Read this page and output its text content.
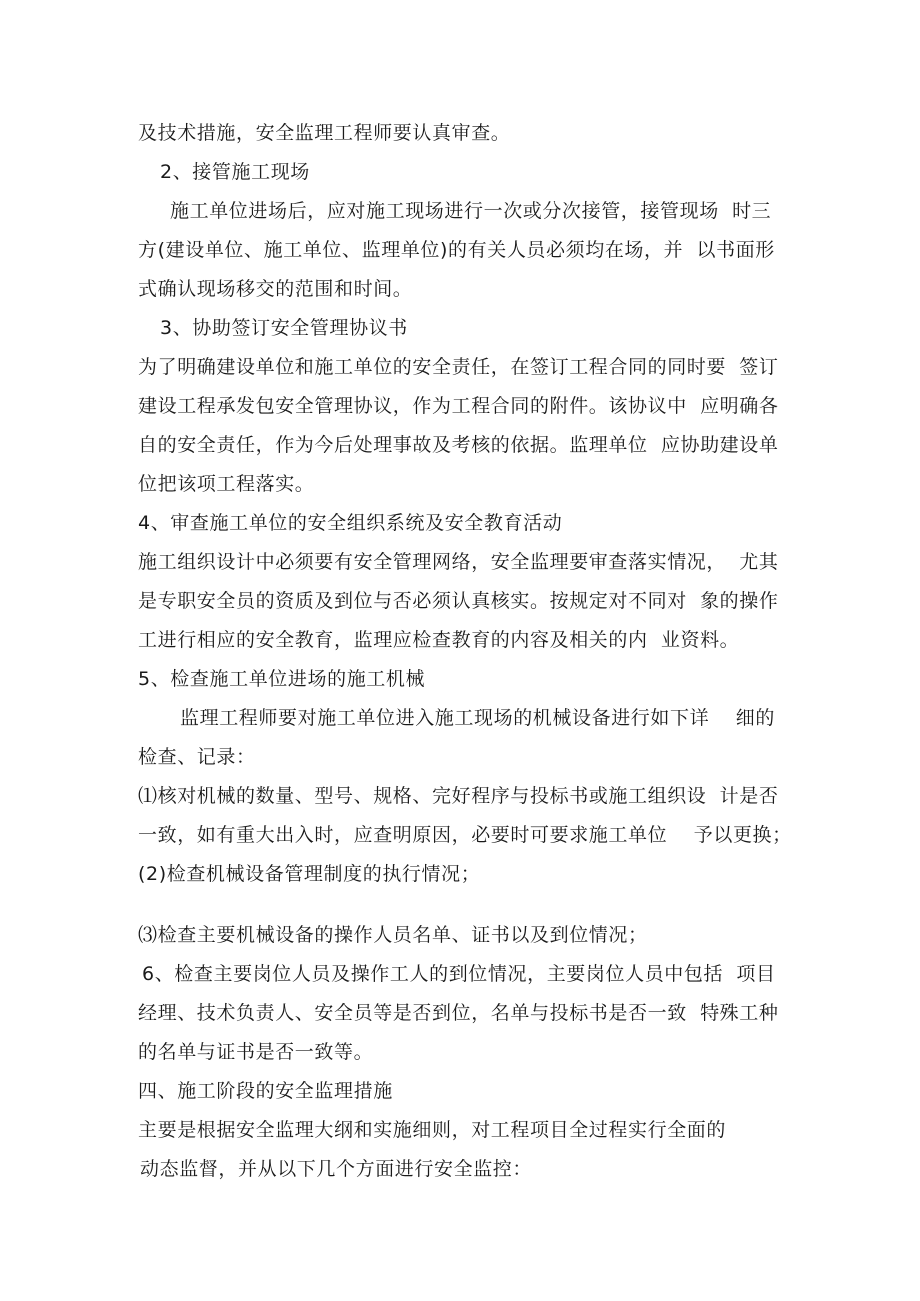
及技术措施，安全监理工程师要认真审查。
2、接管施工现场
施工单位进场后，应对施工现场进行一次或分次接管，接管现场  时三
方(建设单位、施工单位、监理单位)的有关人员必须均在场，并  以书面形
式确认现场移交的范围和时间。
3、协助签订安全管理协议书
为了明确建设单位和施工单位的安全责任，在签订工程合同的同时要  签订
建设工程承发包安全管理协议，作为工程合同的附件。该协议中  应明确各
自的安全责任，作为今后处理事故及考核的依据。监理单位  应协助建设单
位把该项工程落实。
4、审查施工单位的安全组织系统及安全教育活动
施工组织设计中必须要有安全管理网络，安全监理要审查落实情况，  尤其
是专职安全员的资质及到位与否必须认真核实。按规定对不同对  象的操作
工进行相应的安全教育，监理应检查教育的内容及相关的内  业资料。
5、检查施工单位进场的施工机械
监理工程师要对施工单位进入施工现场的机械设备进行如下详    细的
检查、记录：
⑴核对机械的数量、型号、规格、完好程序与投标书或施工组织设  计是否
一致，如有重大出入时，应查明原因，必要时可要求施工单位    予以更换；
(2)检查机械设备管理制度的执行情况；
⑶检查主要机械设备的操作人员名单、证书以及到位情况；
6、检查主要岗位人员及操作工人的到位情况，主要岗位人员中包括  项目
经理、技术负责人、安全员等是否到位，名单与投标书是否一致  特殊工种
的名单与证书是否一致等。
四、施工阶段的安全监理措施
主要是根据安全监理大纲和实施细则，对工程项目全过程实行全面的
动态监督，并从以下几个方面进行安全监控：
